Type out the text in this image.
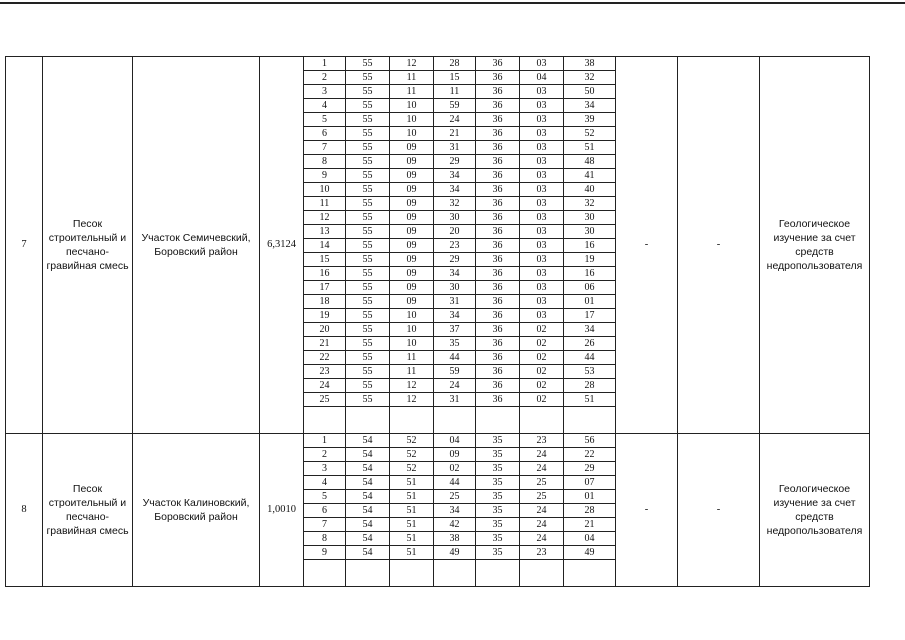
7	Песок строительный и песчано-гравийная смесь	Участок Семичевский, Боровский район	6,3124	1	55	12	28	36	03	38	-	-	Геологическое изучение за счет средств недропользователя
				2	55	11	15	36	04	32			
				3	55	11	11	36	03	50			
				4	55	10	59	36	03	34			
				5	55	10	24	36	03	39			
				6	55	10	21	36	03	52			
				7	55	09	31	36	03	51			
				8	55	09	29	36	03	48			
				9	55	09	34	36	03	41			
				10	55	09	34	36	03	40			
				11	55	09	32	36	03	32			
				12	55	09	30	36	03	30			
				13	55	09	20	36	03	30			
				14	55	09	23	36	03	16			
				15	55	09	29	36	03	19			
				16	55	09	34	36	03	16			
				17	55	09	30	36	03	06			
				18	55	09	31	36	03	01			
				19	55	10	34	36	03	17			
				20	55	10	37	36	02	34			
				21	55	10	35	36	02	26			
				22	55	11	44	36	02	44			
				23	55	11	59	36	02	53			
				24	55	12	24	36	02	28			
				25	55	12	31	36	02	51			

8	Песок строительный и песчано-гравийная смесь	Участок Калиновский, Боровский район	1,0010	1	54	52	04	35	23	56	-	-	Геологическое изучение за счет средств недропользователя
				2	54	52	09	35	24	22			
				3	54	52	02	35	24	29			
				4	54	51	44	35	25	07			
				5	54	51	25	35	25	01			
				6	54	51	34	35	24	28			
				7	54	51	42	35	24	21			
				8	54	51	38	35	24	04			
				9	54	51	49	35	23	49			
